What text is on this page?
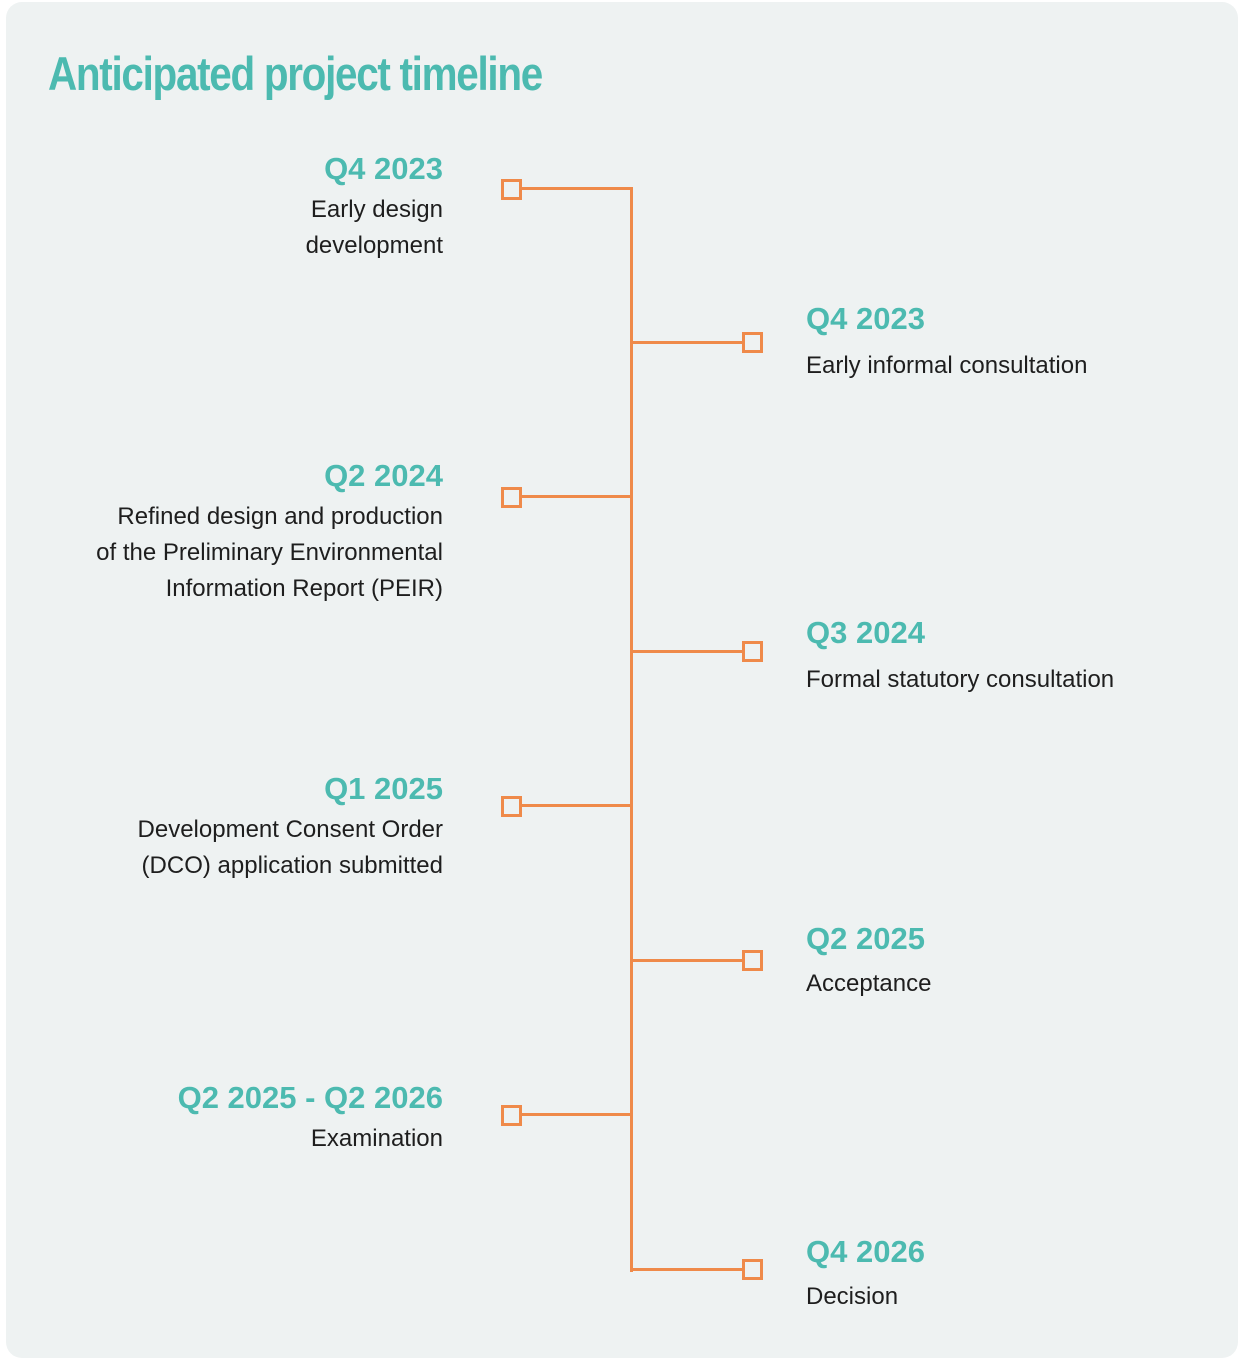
Anticipated project timeline
Q4 2023
Early design
development
Q4 2023
Early informal consultation
Q2 2024
Refined design and production
of the Preliminary Environmental
Information Report (PEIR)
Q3 2024
Formal statutory consultation
Q1 2025
Development Consent Order
(DCO) application submitted
Q2 2025
Acceptance
Q2 2025 - Q2 2026
Examination
Q4 2026
Decision
